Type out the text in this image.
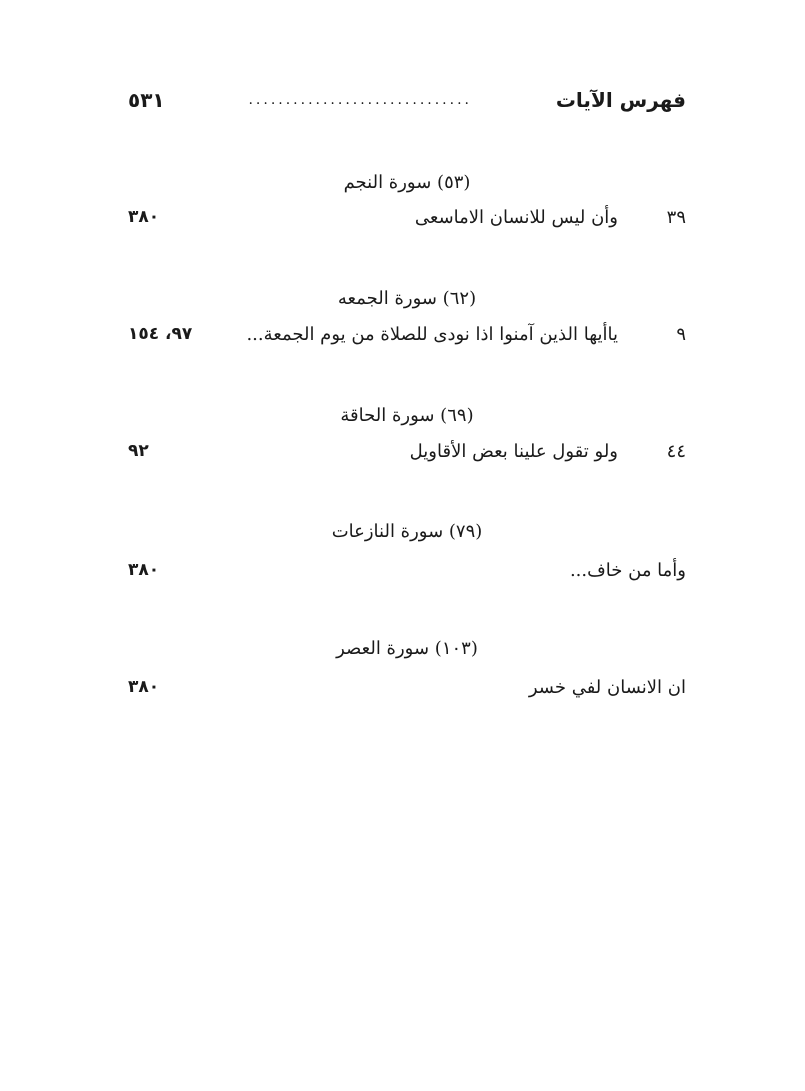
فهرس الآيات
..............................
٥٣١
(٥٣) سورة النجم
٣٩
وأن ليس للانسان الاماسعى
٣٨٠
(٦٢) سورة الجمعه
٩
ياأيها الذين آمنوا اذا نودى للصلاة من يوم الجمعة...
٩٧، ١٥٤
(٦٩) سورة الحاقة
٤٤
ولو تقول علينا بعض الأقاويل
٩٢
(٧٩) سورة النازعات
وأما من خاف...
٣٨٠
(١٠٣) سورة العصر
ان الانسان لفي خسر
٣٨٠
